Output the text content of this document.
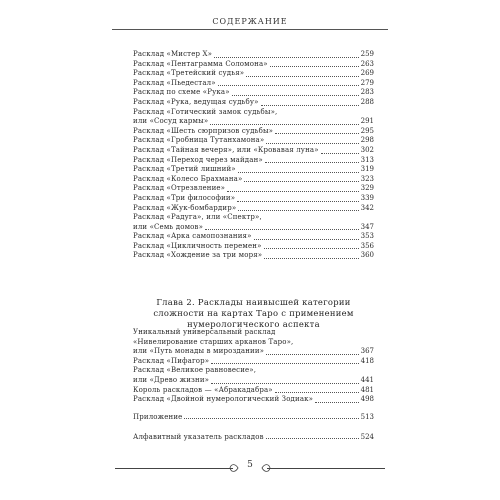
СОДЕРЖАНИЕ
Расклад «Мистер Х»	259
Расклад «Пентаграмма Соломона»	263
Расклад «Третейский судья»	269
Расклад «Пьедестал»	279
Расклад по схеме «Рука»	283
Расклад «Рука, ведущая судьбу»	288
Расклад «Готический замок судьбы»,
или «Сосуд кармы»	291
Расклад «Шесть сюрпризов судьбы»	295
Расклад «Гробница Тутанхамона»	298
Расклад «Тайная вечеря», или «Кровавая луна»	302
Расклад «Переход через майдан»	313
Расклад «Третий лишний»	319
Расклад «Колесо Брахмана»	323
Расклад «Отрезвление»	329
Расклад «Три философии»	339
Расклад «Жук-бомбардир»	342
Расклад «Радуга», или «Спектр»,
или «Семь домов»	347
Расклад «Арка самопознания»	353
Расклад «Цикличность перемен»	356
Расклад «Хождение за три моря»	360
Глава 2. Расклады наивысшей категории
сложности на картах Таро с применением
нумерологического аспекта
Уникальный универсальный расклад
«Нивелирование старших арканов Таро»,
или «Путь монады в мироздании»	367
Расклад «Пифагор»	418
Расклад «Великое равновесие»,
или «Древо жизни»	441
Король раскладов — «Абракадабра»	481
Расклад «Двойной нумерологический Зодиак»	498
Приложение	513
Алфавитный указатель раскладов	524
5
